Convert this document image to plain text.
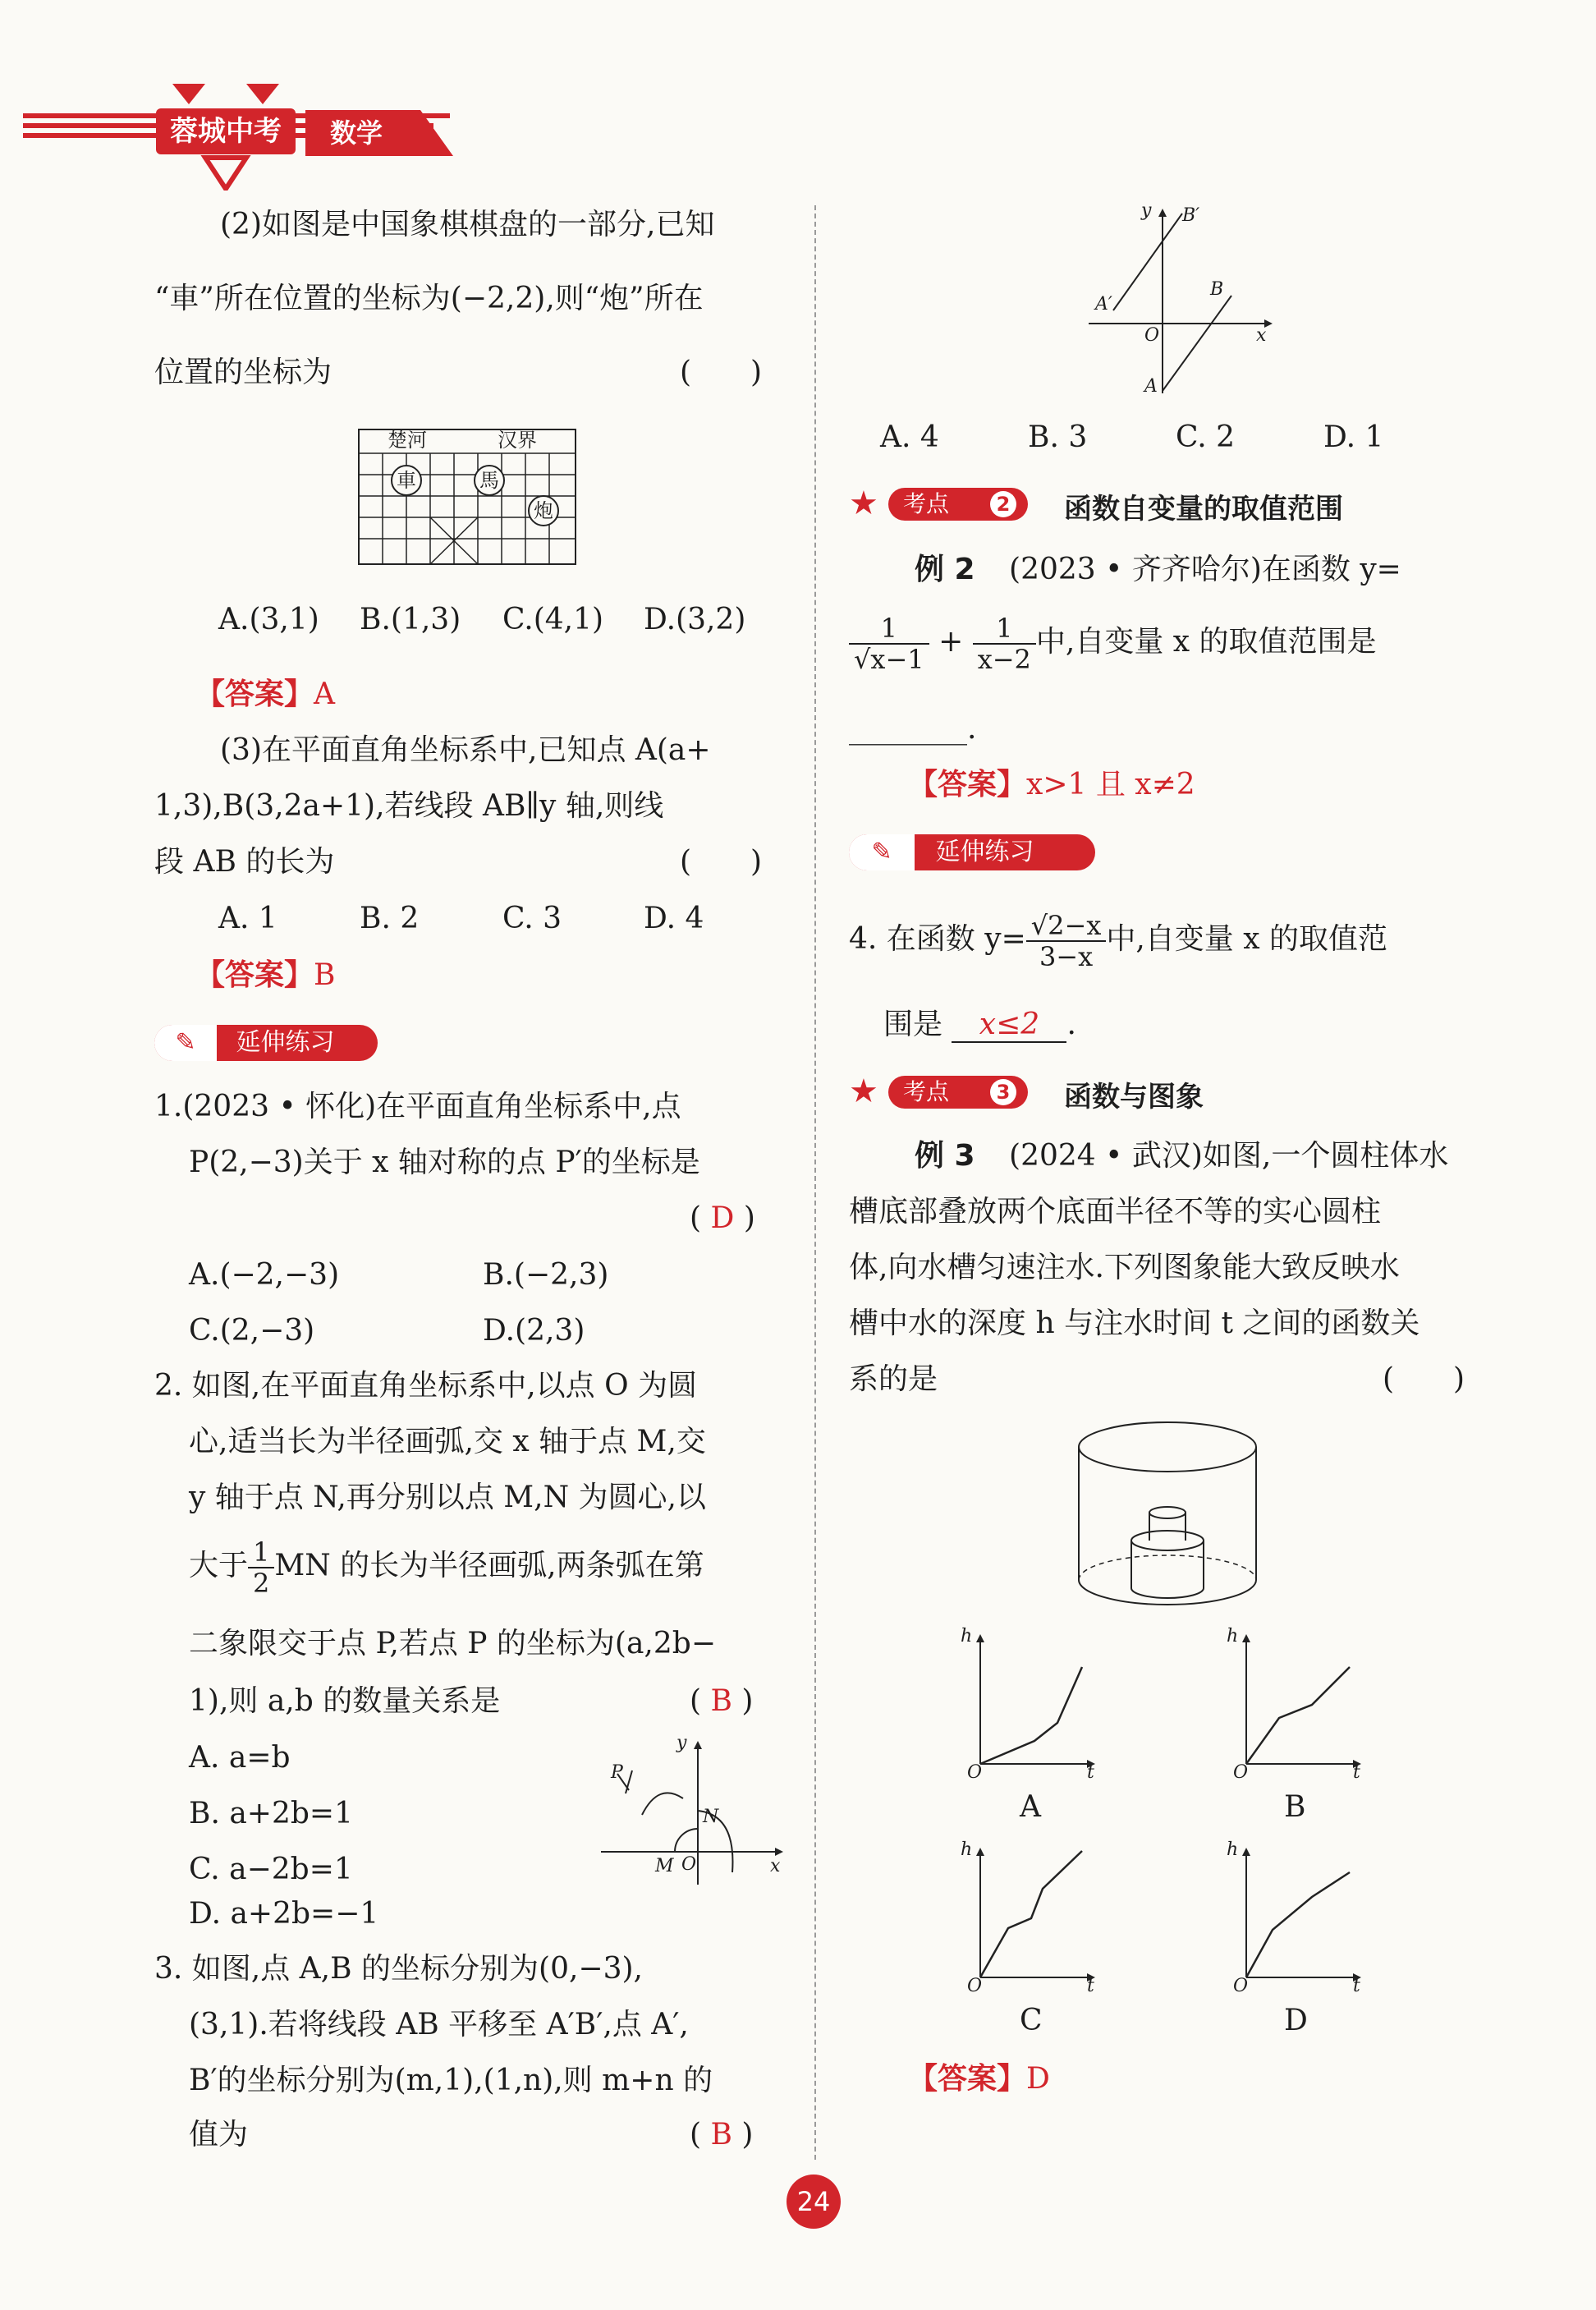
蓉城中考	数学
(2)如图是中国象棋棋盘的一部分,已知
“車”所在位置的坐标为(−2,2),则“炮”所在
位置的坐标为	(　　)
楚河	汉界
車	馬
炮
A.(3,1) B.(1,3) C.(4,1) D.(3,2)
【答案】A
(3)在平面直角坐标系中,已知点 A(a+
1,3),B(3,2a+1),若线段 AB∥y 轴,则线
段 AB 的长为	(　　)
A. 1	B. 2	C. 3	D. 4
【答案】B
✎ 延伸练习
1.(2023 • 怀化)在平面直角坐标系中,点
P(2,−3)关于 x 轴对称的点 P′的坐标是
( D )
A.(−2,−3)	B.(−2,3)
C.(2,−3)	D.(2,3)
2. 如图,在平面直角坐标系中,以点 O 为圆
心,适当长为半径画弧,交 x 轴于点 M,交
y 轴于点 N,再分别以点 M,N 为圆心,以
大于 $\frac{1}{2}$ MN 的长为半径画弧,两条弧在第
二象限交于点 P,若点 P 的坐标为(a,2b−
1),则 a,b 的数量关系是	( B )
A. a=b
B. a+2b=1
C. a−2b=1
D. a+2b=−1
y
x
O
M
N
P
3. 如图,点 A,B 的坐标分别为(0,−3),
(3,1).若将线段 AB 平移至 A′B′,点 A′,
B′的坐标分别为(m,1),(1,n),则 m+n 的
值为	( B )
y B′
A′
B
O	x
A
A. 4	B. 3	C. 2	D. 1
★	考点	2 函数自变量的取值范围
例 2 (2023 • 齐齐哈尔)在函数 y=
$\frac{1}{√x-1} + \frac{1}{x-2}$ 中,自变量 x 的取值范围是
________.
【答案】x>1 且 x≠2
✎ 延伸练习
4. 在函数 $y= \frac{√2-x}{3-x}$ 中,自变量 x 的取值范
围是 x≤2 .
★	考点	3 函数与图象
例 3 (2024 • 武汉)如图,一个圆柱体水
槽底部叠放两个底面半径不等的实心圆柱
体,向水槽匀速注水.下列图象能大致反映水
槽中水的深度 h 与注水时间 t 之间的函数关
系的是	(　　)
h
O	t
A
h
O	t
B
h
O	t
C
h
O	t
D
【答案】D
24
